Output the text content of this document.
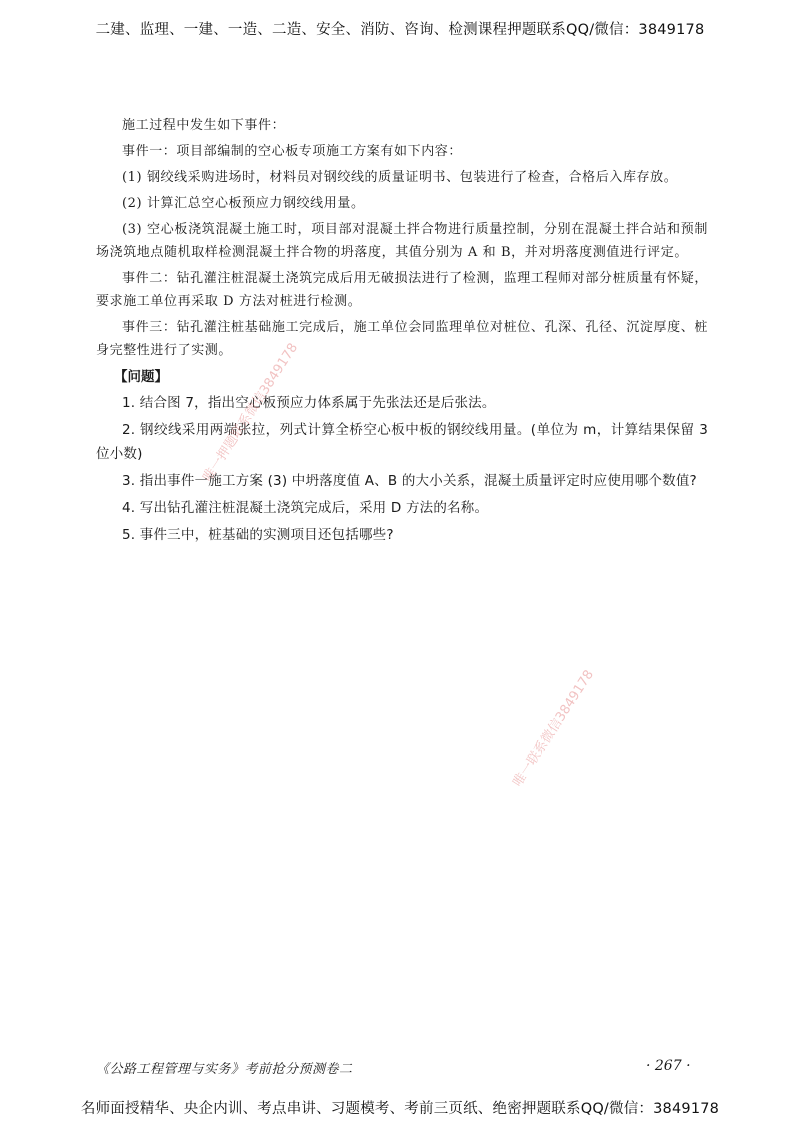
二建、监理、一建、一造、二造、安全、消防、咨询、检测课程押题联系QQ/微信：3849178

施工过程中发生如下事件：

事件一：项目部编制的空心板专项施工方案有如下内容：

(1) 钢绞线采购进场时，材料员对钢绞线的质量证明书、包装进行了检查，合格后入库存放。

(2) 计算汇总空心板预应力钢绞线用量。

(3) 空心板浇筑混凝土施工时，项目部对混凝土拌合物进行质量控制，分别在混凝土拌合站和预制场浇筑地点随机取样检测混凝土拌合物的坍落度，其值分别为 A 和 B，并对坍落度测值进行评定。

事件二：钻孔灌注桩混凝土浇筑完成后用无破损法进行了检测，监理工程师对部分桩质量有怀疑，要求施工单位再采取 D 方法对桩进行检测。

事件三：钻孔灌注桩基础施工完成后，施工单位会同监理单位对桩位、孔深、孔径、沉淀厚度、桩身完整性进行了实测。

【问题】

1. 结合图 7，指出空心板预应力体系属于先张法还是后张法。

2. 钢绞线采用两端张拉，列式计算全桥空心板中板的钢绞线用量。(单位为 m，计算结果保留 3 位小数)

3. 指出事件一施工方案 (3) 中坍落度值 A、B 的大小关系，混凝土质量评定时应使用哪个数值?

4. 写出钻孔灌注桩混凝土浇筑完成后，采用 D 方法的名称。

5. 事件三中，桩基础的实测项目还包括哪些?

唯一押题联系微信3849178
唯一联系微信3849178
《公路工程管理与实务》考前抢分预测卷二	· 267 ·
名师面授精华、央企内训、考点串讲、习题模考、考前三页纸、绝密押题联系QQ/微信：3849178
